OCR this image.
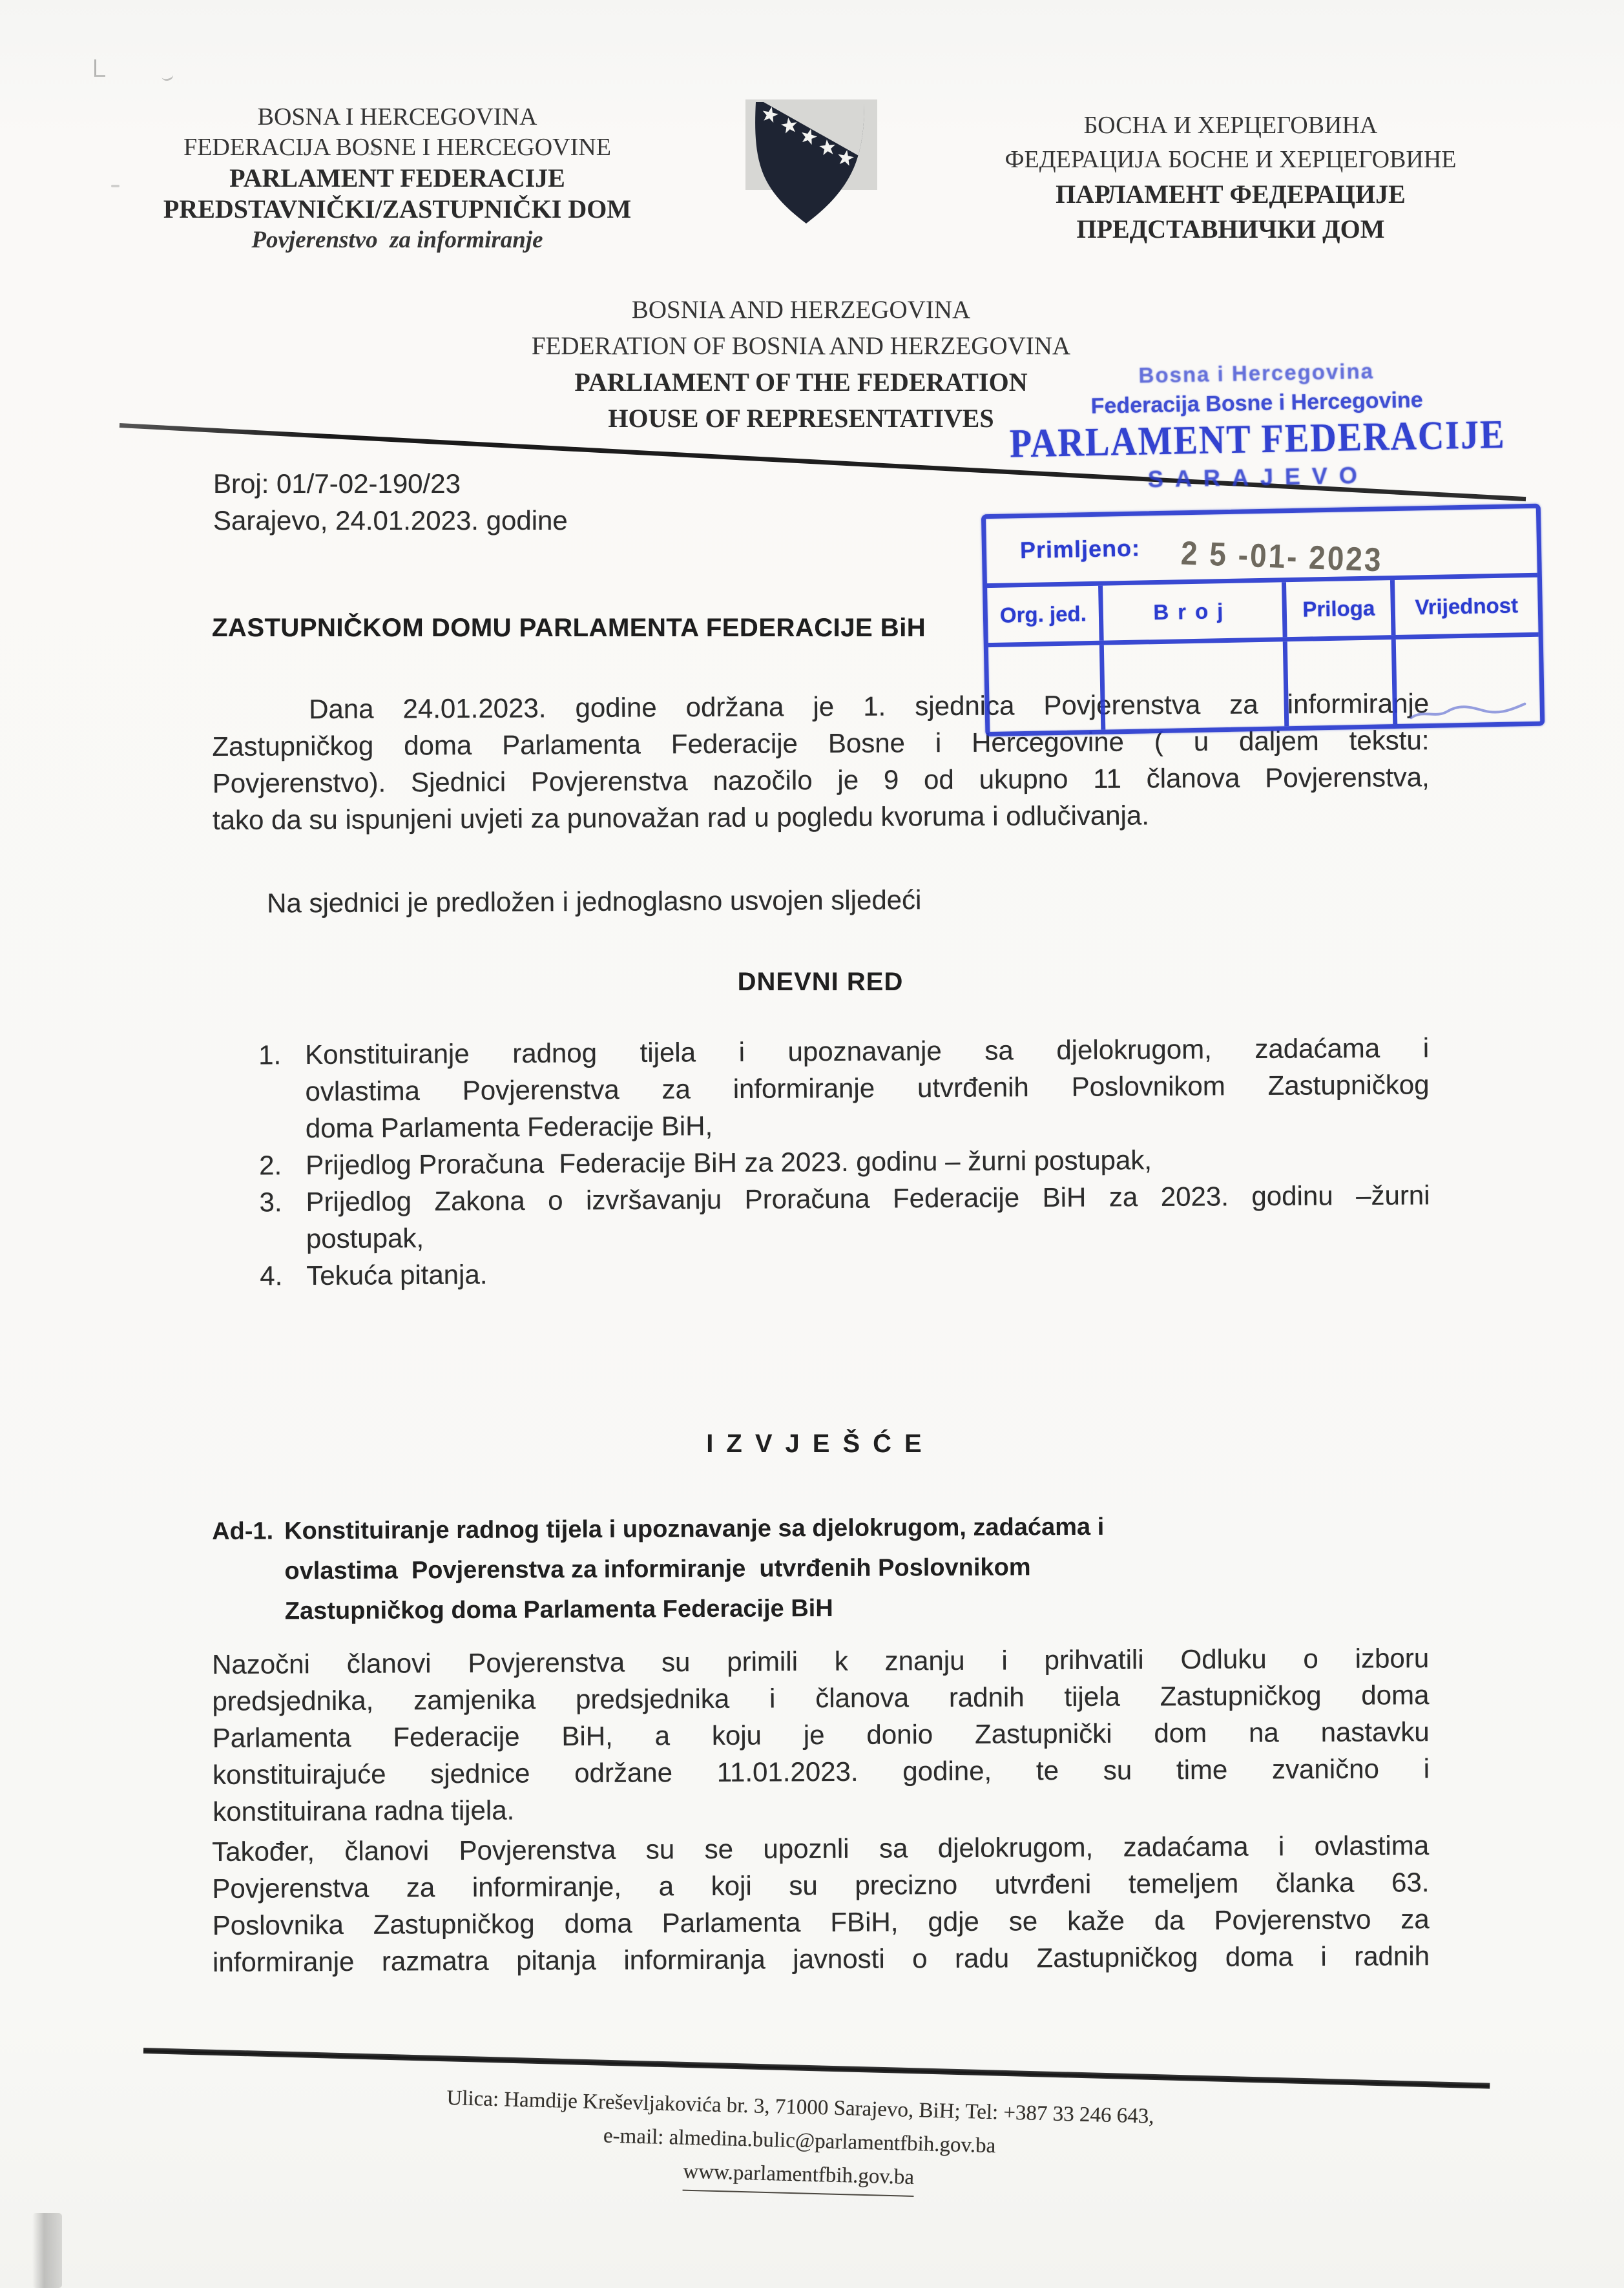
BOSNA I HERCEGOVINA
FEDERACIJA BOSNE I HERCEGOVINE
PARLAMENT FEDERACIJE
PREDSTAVNIČKI/ZASTUPNIČKI DOM
Povjerenstvo  za informiranje
БОСНА И ХЕРЦЕГОВИНА
ФЕДЕРАЦИЈА БОСНЕ И ХЕРЦЕГОВИНЕ
ПАРЛАМЕНТ ФЕДЕРАЦИЈЕ
ПРЕДСТАВНИЧКИ ДОМ
BOSNIA AND HERZEGOVINA
FEDERATION OF BOSNIA AND HERZEGOVINA
PARLIAMENT OF THE FEDERATION
HOUSE OF REPRESENTATIVES
Bosna i Hercegovina
Federacija Bosne i Hercegovine
PARLAMENT FEDERACIJE
SARAJEVO
Primljeno:
Org. jed.	Broj	Priloga	Vrijednost
2 5 -01- 2023
Broj: 01/7-02-190/23
Sarajevo, 24.01.2023. godine
ZASTUPNIČKOM DOMU PARLAMENTA FEDERACIJE BiH
Dana 24.01.2023. godine održana je 1. sjednica Povjerenstva za informiranje
Zastupničkog doma Parlamenta Federacije Bosne i Hercegovine ( u daljem tekstu:
Povjerenstvo). Sjednici Povjerenstva nazočilo je 9 od ukupno 11 članova Povjerenstva,
tako da su ispunjeni uvjeti za punovažan rad u pogledu kvoruma i odlučivanja.
Na sjednici je predložen i jednoglasno usvojen sljedeći
DNEVNI RED
Konstituiranje radnog tijela i upoznavanje sa djelokrugom, zadaćama i
ovlastima Povjerenstva za informiranje utvrđenih Poslovnikom Zastupničkog
doma Parlamenta Federacije BiH,
Prijedlog Proračuna  Federacije BiH za 2023. godinu – žurni postupak,
Prijedlog Zakona o izvršavanju Proračuna Federacije BiH za 2023. godinu –žurni
postupak,
Tekuća pitanja.
IZVJEŠĆE
Ad-1. Konstituiranje radnog tijela i upoznavanje sa djelokrugom, zadaćama i
ovlastima  Povjerenstva za informiranje  utvrđenih Poslovnikom
Zastupničkog doma Parlamenta Federacije BiH
Nazočni članovi Povjerenstva su primili k znanju i prihvatili Odluku o izboru
predsjednika, zamjenika predsjednika i članova radnih tijela Zastupničkog doma
Parlamenta Federacije BiH, a koju je donio Zastupnički dom na nastavku
konstituirajuće sjednice održane 11.01.2023. godine, te su time zvanično i
konstituirana radna tijela.
Također, članovi Povjerenstva su se upoznli sa djelokrugom, zadaćama i ovlastima
Povjerenstva za informiranje, a koji su precizno utvrđeni temeljem članka 63.
Poslovnika Zastupničkog doma Parlamenta FBiH, gdje se kaže da Povjerenstvo za
informiranje razmatra pitanja informiranja javnosti o radu Zastupničkog doma i radnih
Ulica: Hamdije Kreševljakovića br. 3, 71000 Sarajevo, BiH; Tel: +387 33 246 643,
e-mail: almedina.bulic@parlamentfbih.gov.ba
www.parlamentfbih.gov.ba
